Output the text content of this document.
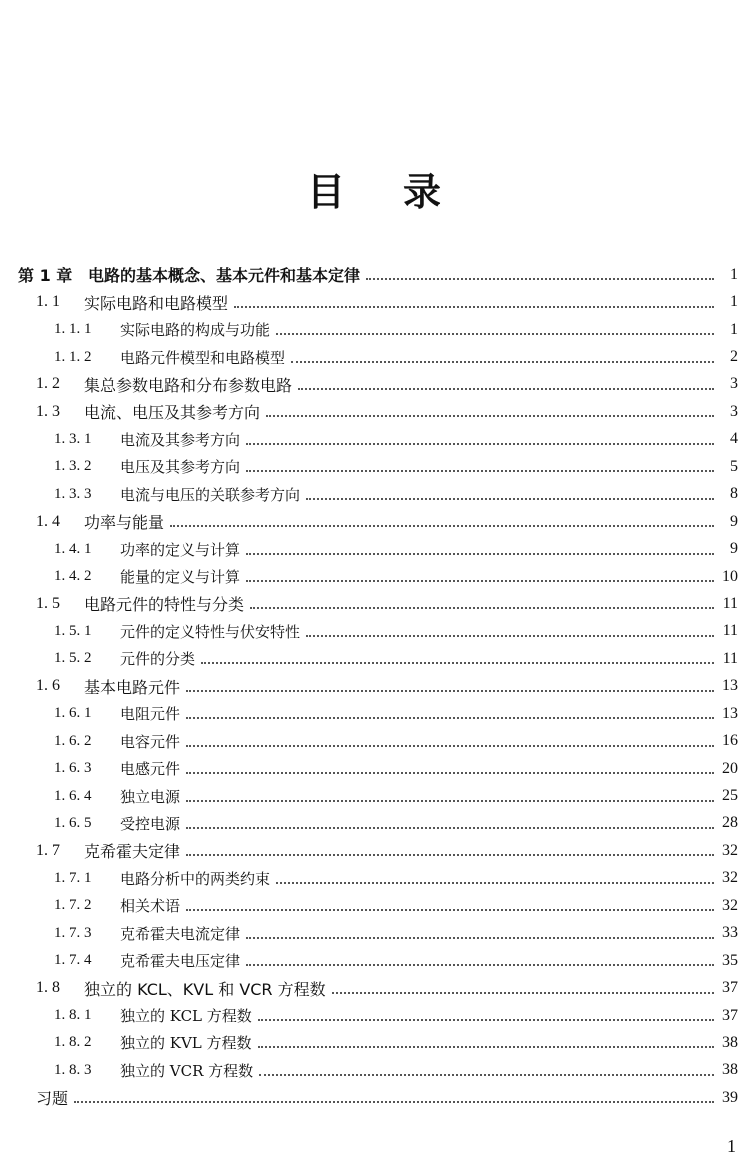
目 录
第 1 章 电路的基本概念、基本元件和基本定律	1
1. 1	实际电路和电路模型	1
1. 1. 1	实际电路的构成与功能	1
1. 1. 2	电路元件模型和电路模型	2
1. 2	集总参数电路和分布参数电路	3
1. 3	电流、电压及其参考方向	3
1. 3. 1	电流及其参考方向	4
1. 3. 2	电压及其参考方向	5
1. 3. 3	电流与电压的关联参考方向	8
1. 4	功率与能量	9
1. 4. 1	功率的定义与计算	9
1. 4. 2	能量的定义与计算	10
1. 5	电路元件的特性与分类	11
1. 5. 1	元件的定义特性与伏安特性	11
1. 5. 2	元件的分类	11
1. 6	基本电路元件	13
1. 6. 1	电阻元件	13
1. 6. 2	电容元件	16
1. 6. 3	电感元件	20
1. 6. 4	独立电源	25
1. 6. 5	受控电源	28
1. 7	克希霍夫定律	32
1. 7. 1	电路分析中的两类约束	32
1. 7. 2	相关术语	32
1. 7. 3	克希霍夫电流定律	33
1. 7. 4	克希霍夫电压定律	35
1. 8	独立的 KCL、KVL 和 VCR 方程数	37
1. 8. 1	独立的 KCL 方程数	37
1. 8. 2	独立的 KVL 方程数	38
1. 8. 3	独立的 VCR 方程数	38
习题	39
1
